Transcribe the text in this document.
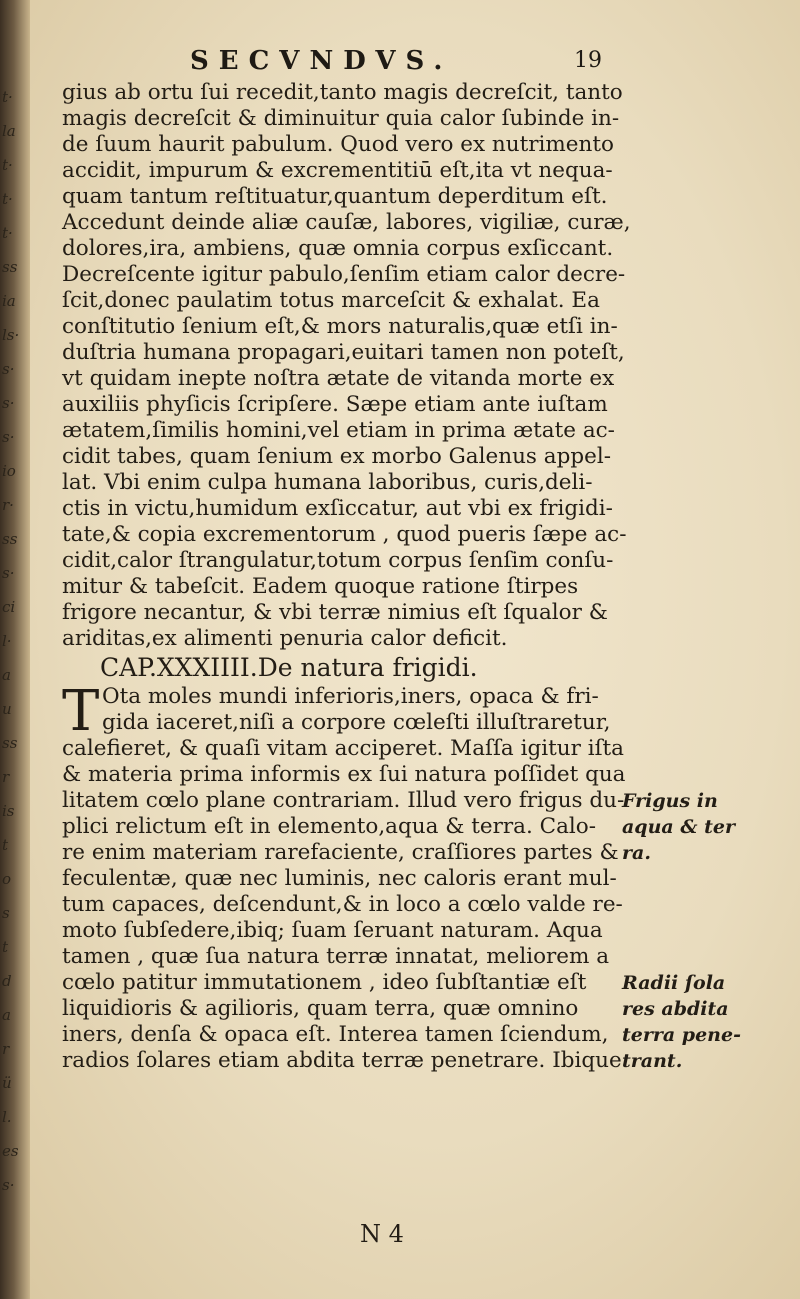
t·
la
t·
t·
t·
ss
ia
ls·
s·
s·
s·
io
r·
ss
s·
ci
l·
a
u
ss
r
is
t
o
s
t
d
a
r
ü
l.
es
s·
SECVNDVS.	19
gius ab ortu ſui recedit,tanto magis decreſcit, tanto
magis decreſcit & diminuitur quia calor ſubinde in-
de ſuum haurit pabulum. Quod vero ex nutrimento
accidit, impurum & excrementitiū eſt,ita vt nequa-
quam tantum reſtituatur,quantum deperditum eſt.
Accedunt deinde aliæ cauſæ, labores, vigiliæ, curæ,
dolores,ira, ambiens, quæ omnia corpus exſiccant.
Decreſcente igitur pabulo,ſenſim etiam calor decre-
ſcit,donec paulatim totus marceſcit & exhalat. Ea
conſtitutio ſenium eſt,& mors naturalis,quæ etſi in-
duſtria humana propagari,euitari tamen non poteſt,
vt quidam inepte noſtra ætate de vitanda morte ex
auxiliis phyſicis ſcripſere. Sæpe etiam ante iuſtam
ætatem,ſimilis homini,vel etiam in prima ætate ac-
cidit tabes, quam ſenium ex morbo Galenus appel-
lat. Vbi enim culpa humana laboribus, curis,deli-
ctis in victu,humidum exſiccatur, aut vbi ex frigidi-
tate,& copia excrementorum , quod pueris ſæpe ac-
cidit,calor ſtrangulatur,totum corpus ſenſim conſu-
mitur & tabeſcit. Eadem quoque ratione ſtirpes
frigore necantur, & vbi terræ nimius eſt ſqualor &
ariditas,ex alimenti penuria calor deficit.
CAP.XXXIIII.De natura frigidi.
T Ota moles mundi inferioris,iners, opaca & fri-
gida iaceret,niſi a corpore cœleſti illuſtraretur,
calefieret, & quaſi vitam acciperet. Maſſa igitur iſta
& materia prima informis ex ſui natura poſſidet qua
litatem cœlo plane contrariam. Illud vero frigus du-
plici relictum eſt in elemento,aqua & terra. Calo-
re enim materiam rarefaciente, craſſiores partes &
feculentæ, quæ nec luminis, nec caloris erant mul-
tum capaces, deſcendunt,& in loco a cœlo valde re-
moto ſubſedere,ibiq; ſuam ſeruant naturam. Aqua
tamen , quæ ſua natura terræ innatat, meliorem a
cœlo patitur immutationem , ideo ſubſtantiæ eſt
liquidioris & agilioris, quam terra, quæ omnino
iners, denſa & opaca eſt. Interea tamen ſciendum,
radios ſolares etiam abdita terræ penetrare. Ibique
Frigus in
aqua & ter
ra.
Radii ſola
res abdita
terra pene-
trant.
N 4
